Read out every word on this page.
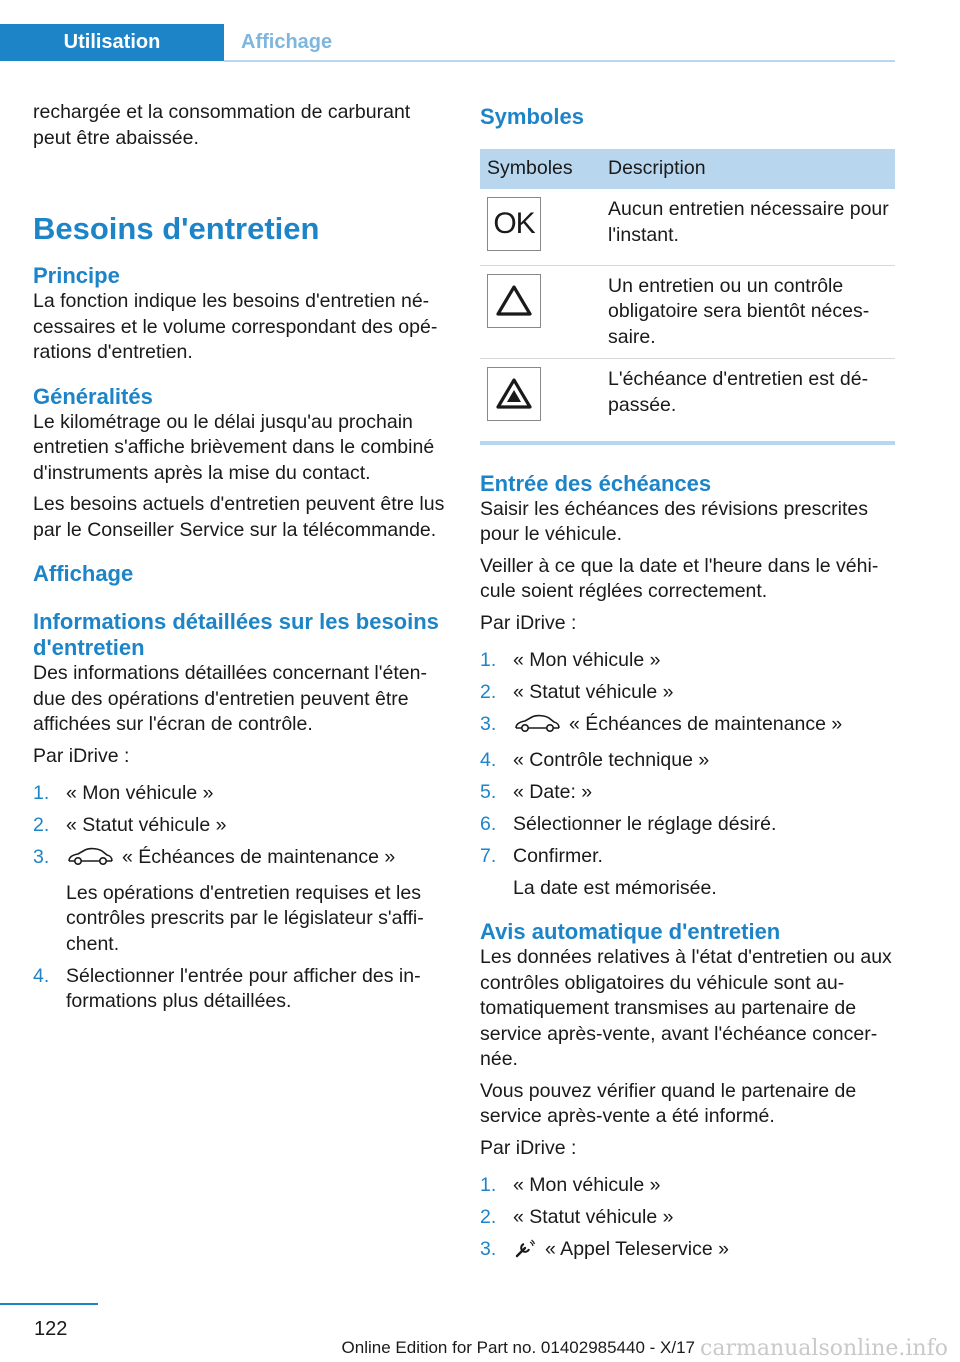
Utilisation	Affichage

rechargée et la consommation de carburant peut être abaissée.

Besoins d'entretien
Principe

La fonction indique les besoins d'entretien nécessaires et le volume correspondant des opérations d'entretien.

Généralités

Le kilométrage ou le délai jusqu'au prochain entretien s'affiche brièvement dans le combiné d'instruments après la mise du contact.

Les besoins actuels d'entretien peuvent être lus par le Conseiller Service sur la télécommande.

Affichage
Informations détaillées sur les besoins d'entretien

Des informations détaillées concernant l'étendue des opérations d'entretien peuvent être affichées sur l'écran de contrôle.

Par iDrive :

1. « Mon véhicule »
2. « Statut véhicule »
3.	« Échéances de maintenance »
Les opérations d'entretien requises et les contrôles prescrits par le législateur s'affichent.
4. Sélectionner l'entrée pour afficher des informations plus détaillées.
Symboles
Symboles	Description

OK	Aucun entretien nécessaire pour l'instant.

	Un entretien ou un contrôle obligatoire sera bientôt nécessaire.

	L'échéance d'entretien est dépassée.
Entrée des échéances

Saisir les échéances des révisions prescrites pour le véhicule.

Veiller à ce que la date et l'heure dans le véhicule soient réglées correctement.

Par iDrive :

1. « Mon véhicule »
2. « Statut véhicule »
3.	« Échéances de maintenance »
4. « Contrôle technique »
5. « Date: »
6. Sélectionner le réglage désiré.
7. Confirmer.
La date est mémorisée.
Avis automatique d'entretien

Les données relatives à l'état d'entretien ou aux contrôles obligatoires du véhicule sont automatiquement transmises au partenaire de service après-vente, avant l'échéance concernée.

Vous pouvez vérifier quand le partenaire de service après-vente a été informé.

Par iDrive :

1. « Mon véhicule »
2. « Statut véhicule »
3. « Appel Teleservice »
122
Online Edition for Part no. 01402985440 - X/17 carmanualsonline.info
